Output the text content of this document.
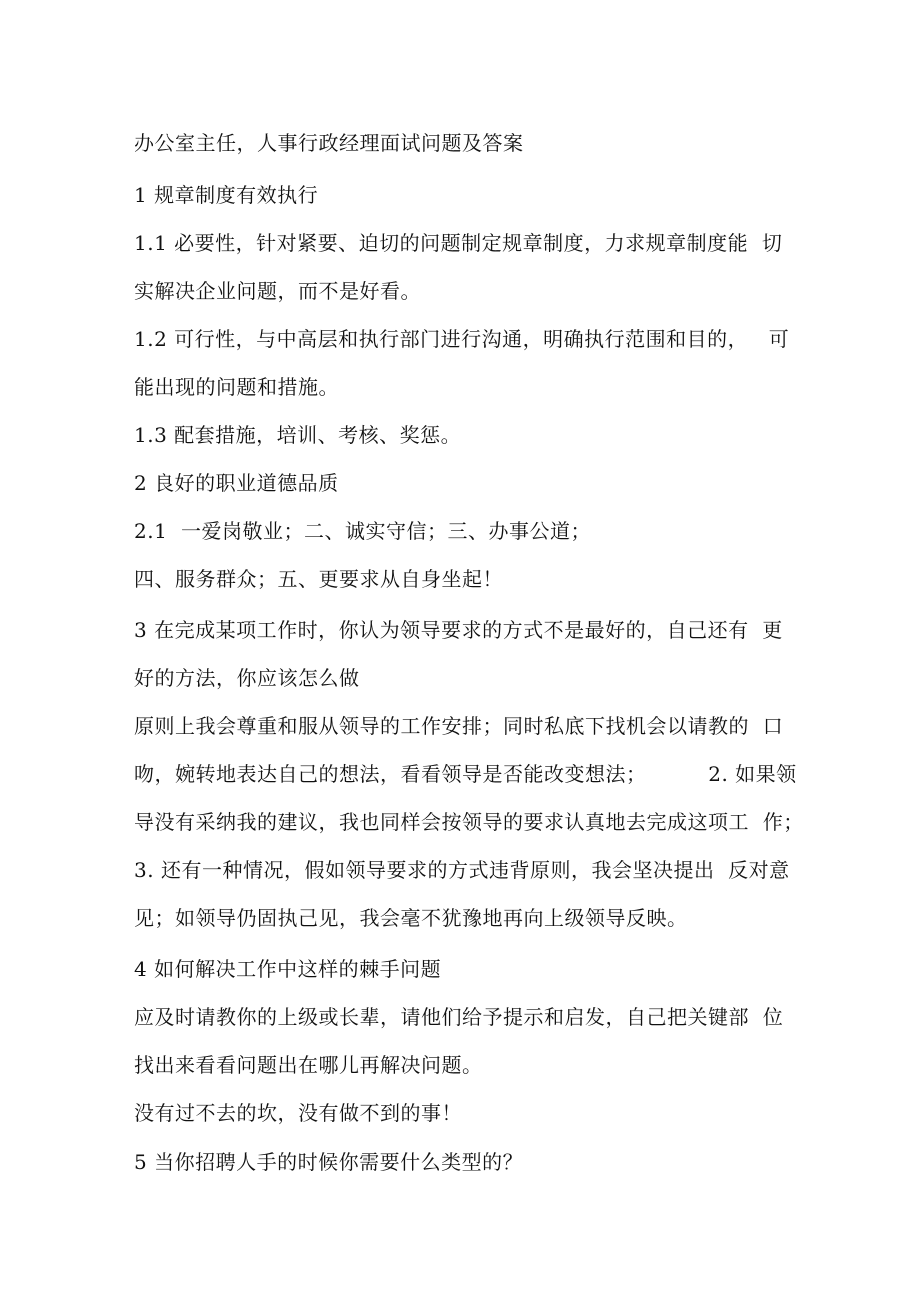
办公室主任，人事行政经理面试问题及答案
1 规章制度有效执行
1.1 必要性，针对紧要、迫切的问题制定规章制度，力求规章制度能  切
实解决企业问题，而不是好看。
1.2 可行性，与中高层和执行部门进行沟通，明确执行范围和目的，   可
能出现的问题和措施。
1.3 配套措施，培训、考核、奖惩。
2 良好的职业道德品质
2.1  一爱岗敬业；二、诚实守信；三、办事公道；
四、服务群众；五、更要求从自身坐起！
3 在完成某项工作时，你认为领导要求的方式不是最好的，自己还有  更
好的方法，你应该怎么做
原则上我会尊重和服从领导的工作安排；同时私底下找机会以请教的  口
吻，婉转地表达自己的想法，看看领导是否能改变想法；         2. 如果领
导没有采纳我的建议，我也同样会按领导的要求认真地去完成这项工  作；
3. 还有一种情况，假如领导要求的方式违背原则，我会坚决提出  反对意
见；如领导仍固执己见，我会毫不犹豫地再向上级领导反映。
4 如何解决工作中这样的棘手问题
应及时请教你的上级或长辈，请他们给予提示和启发，自己把关键部  位
找出来看看问题出在哪儿再解决问题。
没有过不去的坎，没有做不到的事！
5 当你招聘人手的时候你需要什么类型的？
